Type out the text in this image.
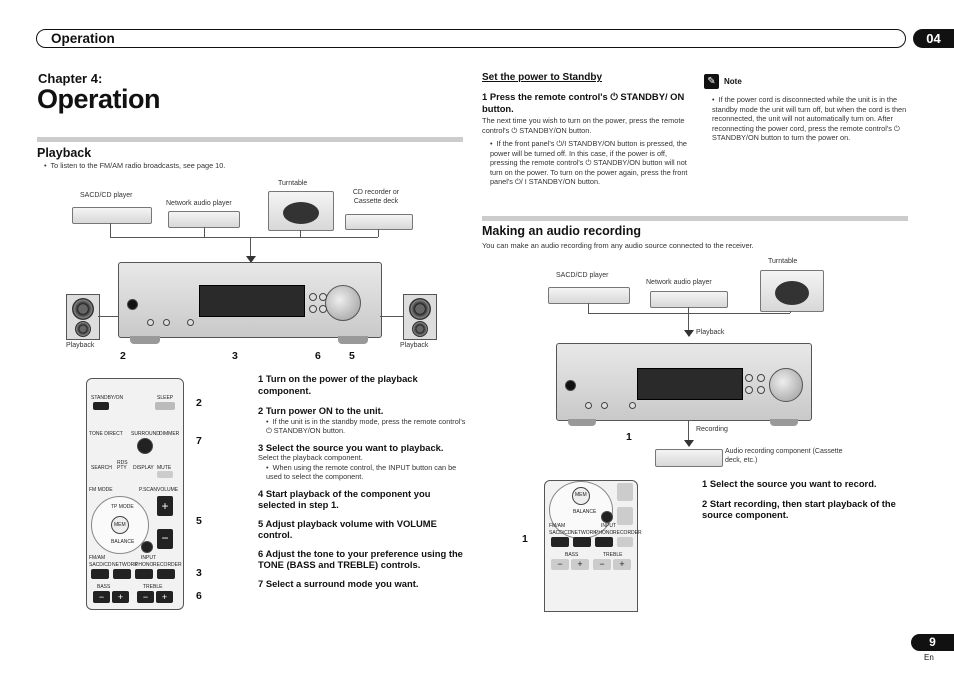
Operation	04
Chapter 4:
Operation
Playback
•  To listen to the FM/AM radio broadcasts, see page 10.
SACD/CD player
Network audio player
Turntable
CD recorder or Cassette deck
Playback	Playback
2	3	6	5
STANDBY/ON	SLEEP
TONE DIRECT SURROUND DIMMER
RDS
SEARCH PTY DISPLAY MUTE
FM MODE	P.SCAN VOLUME
MEM
TP MODE
BALANCE
+
−
FM/AM	INPUT
SACD/CD NETWORK
PHONO RECORDER
BASS	TREBLE
−	+	−	+
2
7
5
3
6
1 Turn on the power of the playback component.
2 Turn power ON to the unit.
•  If the unit is in the standby mode, press the remote control's ⏻ STANDBY/ON button.
3 Select the source you want to playback.
Select the playback component.
•  When using the remote control, the INPUT button can be used to select the component.
4 Start playback of the component you selected in step 1.
5 Adjust playback volume with VOLUME control.
6 Adjust the tone to your preference using the TONE (BASS and TREBLE) controls.
7 Select a surround mode you want.
Set the power to Standby
1 Press the remote control's ⏻ STANDBY/ ON button.
The next time you wish to turn on the power, press the remote control's ⏻ STANDBY/ON button.
•  If the front panel's ⏻/I STANDBY/ON button is pressed, the power will be turned off. In this case, if the power is off, pressing the remote control's ⏻ STANDBY/ON button will not turn on the power. To turn on the power again, press the front panel's ⏻/ I STANDBY/ON button.
✎	Note
•  If the power cord is disconnected while the unit is in the standby mode the unit will turn off, but when the cord is then reconnected, the unit will not automatically turn on. After reconnecting the power cord, press the remote control's ⏻ STANDBY/ON button to turn the power on.
Making an audio recording
You can make an audio recording from any audio source connected to the receiver.
SACD/CD player
Network audio player
Turntable
Playback
1
Recording
Audio recording component (Cassette deck, etc.)
MEM
BALANCE
FM/AM	INPUT
SACD/CD NETWORK
PHONO RECORDER
BASS	TREBLE
−	+	−	+
1
1 Select the source you want to record.
2 Start recording, then start playback of the source component.
9
En
